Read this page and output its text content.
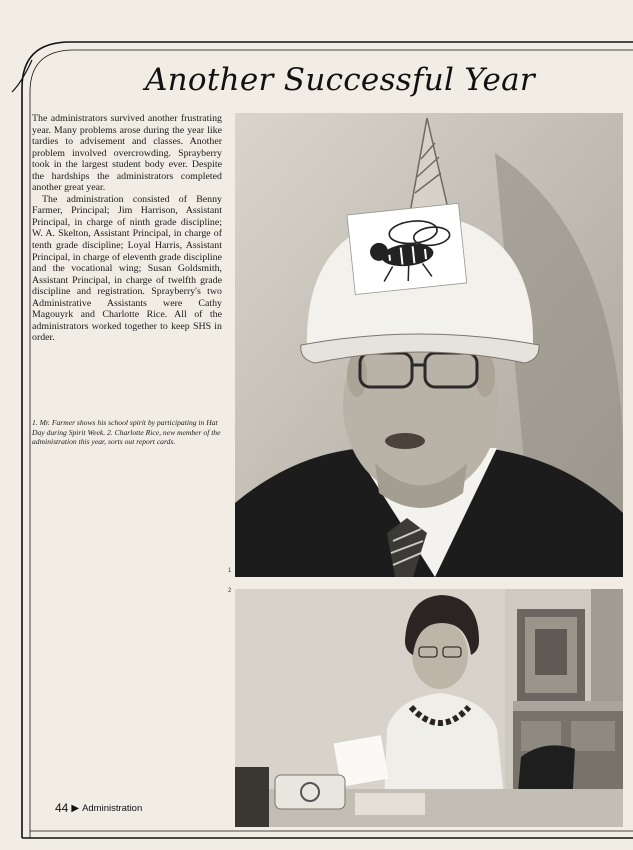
Another Successful Year

The administrators survived another frustrating year. Many problems arose during the year like tardies to advisement and classes. Another problem involved overcrowding. Sprayberry took in the largest student body ever. Despite the hardships the administrators completed another great year.

The administration consisted of Benny Farmer, Principal; Jim Harrison, Assistant Principal, in charge of ninth grade discipline; W. A. Skelton, Assistant Principal, in charge of tenth grade discipline; Loyal Harris, Assistant Principal, in charge of eleventh grade discipline and the vocational wing; Susan Goldsmith, Assistant Principal, in charge of twelfth grade discipline and registration. Sprayberry's two Administrative Assistants were Cathy Magouyrk and Charlotte Rice. All of the administrators worked together to keep SHS in order.

1. Mr. Farmer shows his school spirit by participating in Hat Day during Spirit Week. 2. Charlotte Rice, new member of the administration this year, sorts out report cards.

1
2
44 ▶ Administration
